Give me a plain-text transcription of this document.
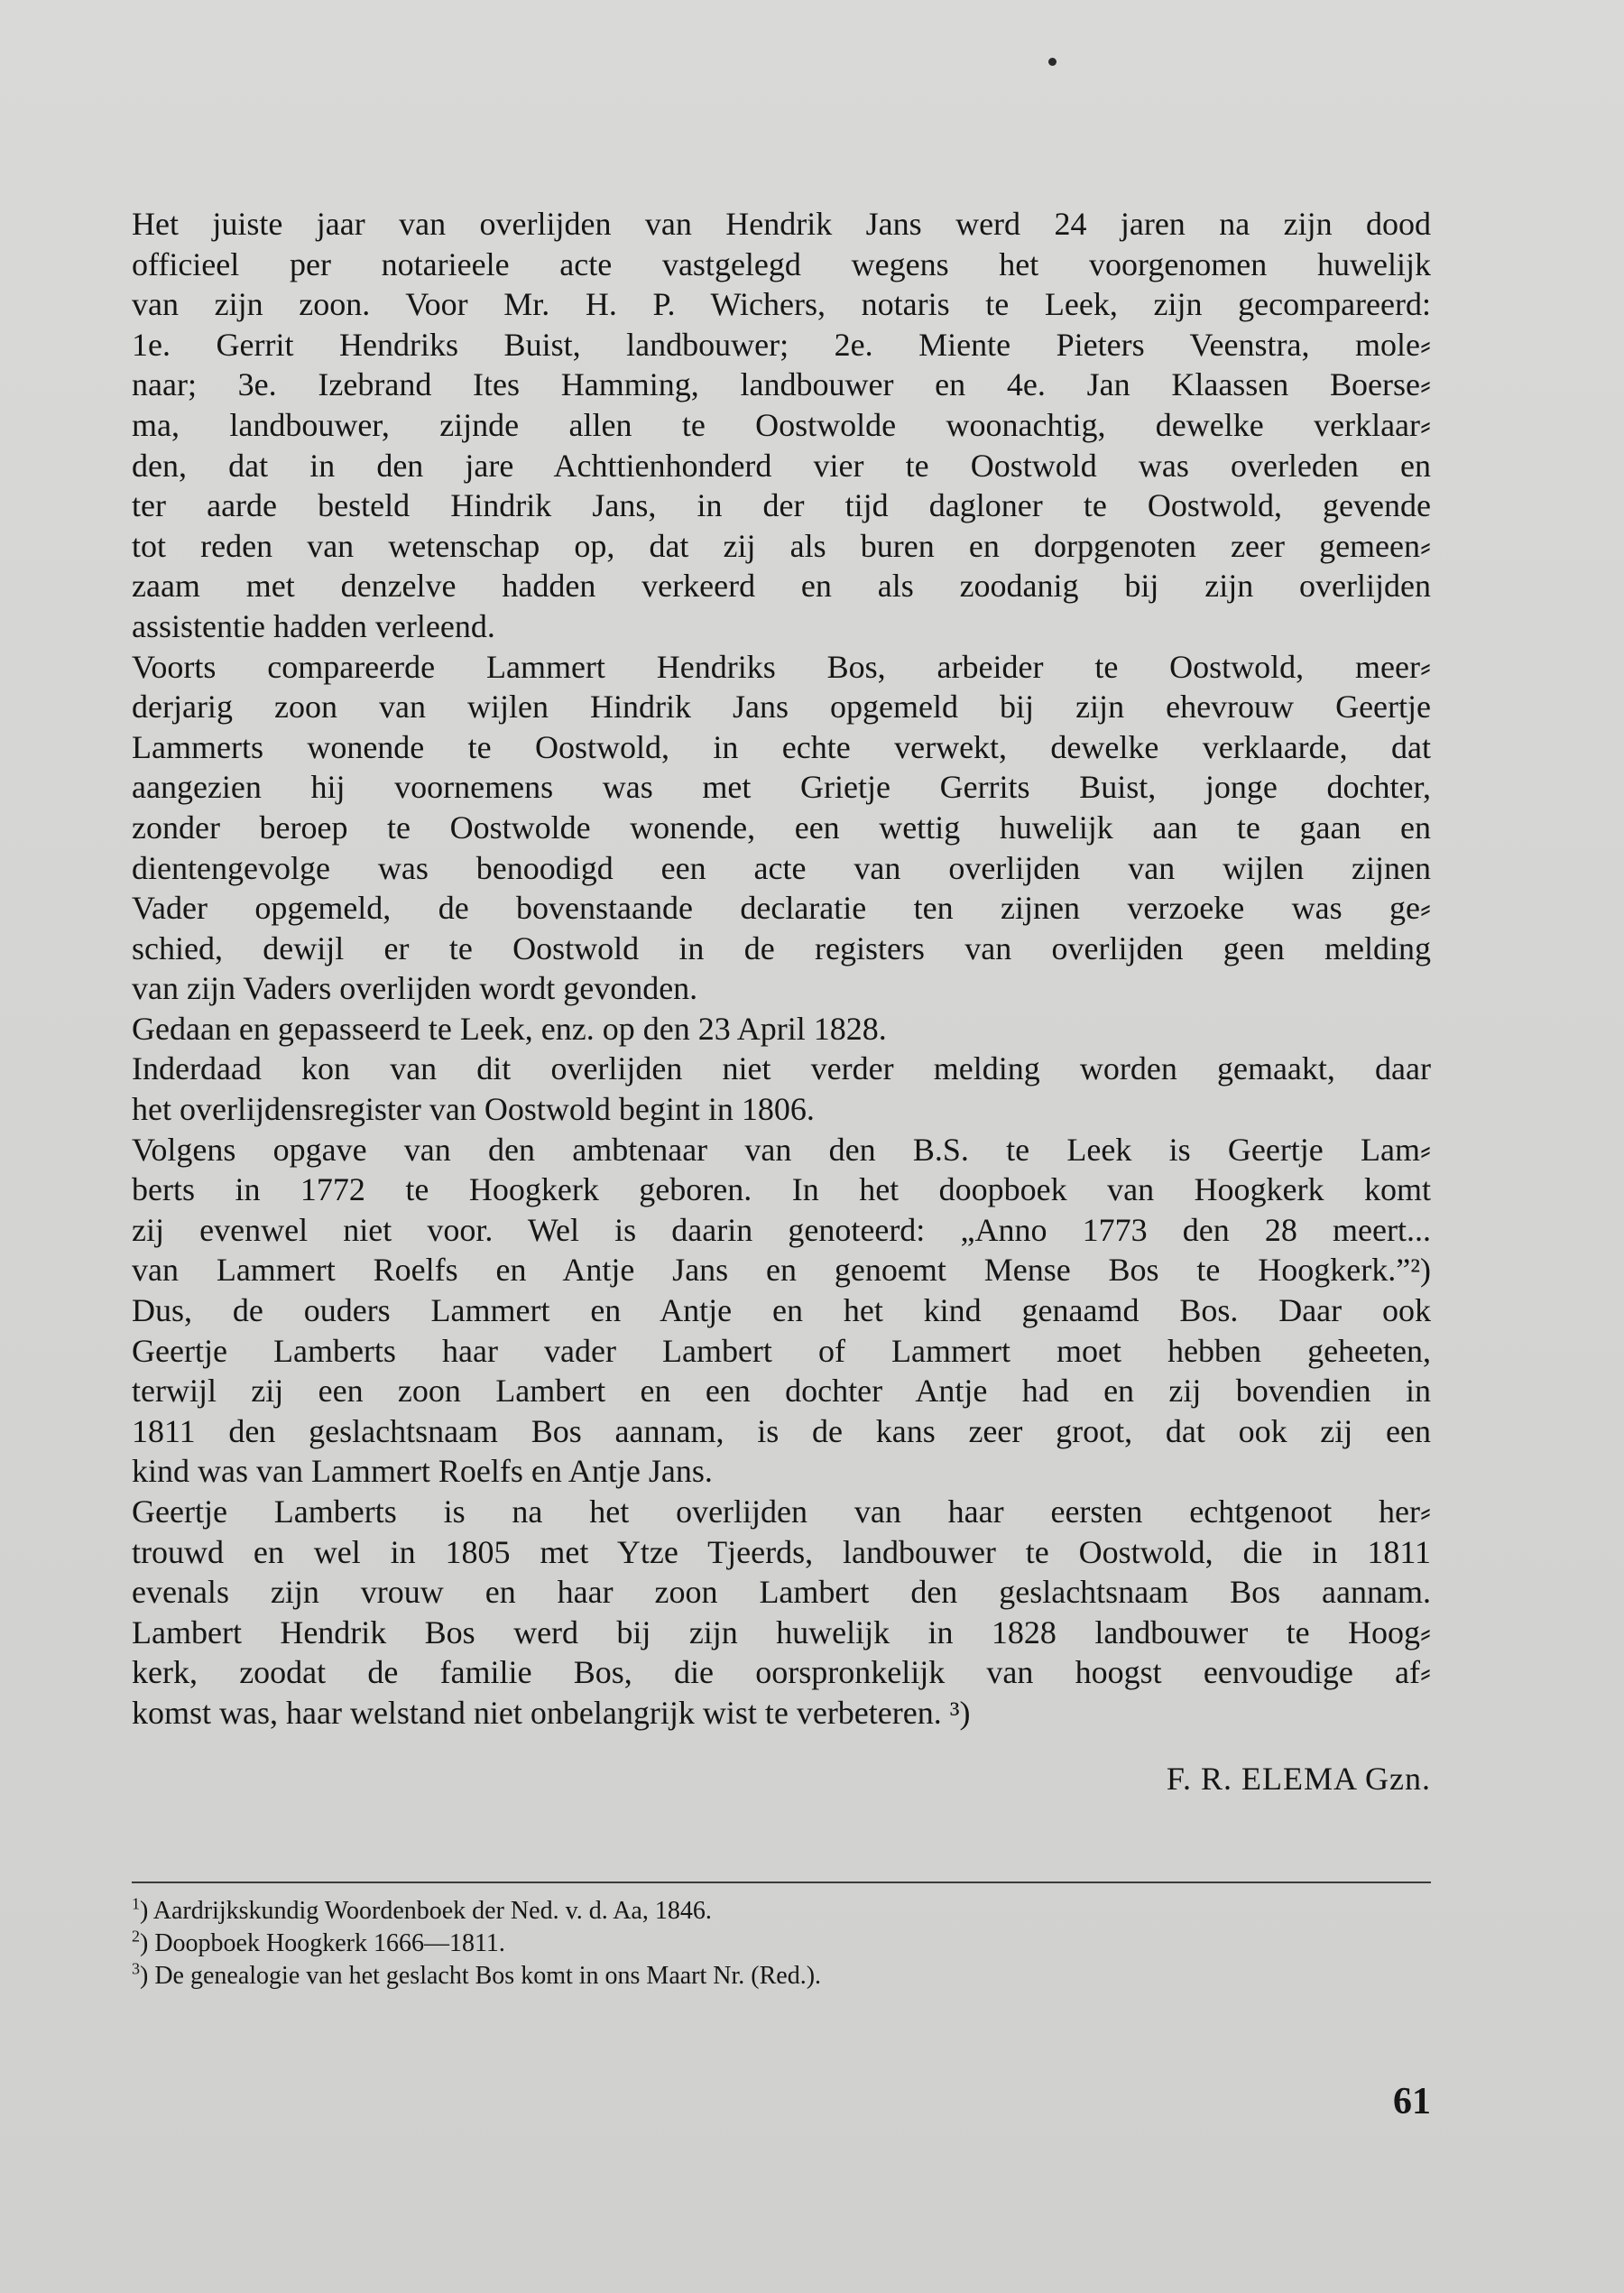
Het juiste jaar van overlijden van Hendrik Jans werd 24 jaren na zijn dood
officieel per notarieele acte vastgelegd wegens het voorgenomen huwelijk
van zijn zoon. Voor Mr. H. P. Wichers, notaris te Leek, zijn gecompareerd:
1e. Gerrit Hendriks Buist, landbouwer; 2e. Miente Pieters Veenstra, mole⸗
naar; 3e. Izebrand Ites Hamming, landbouwer en 4e. Jan Klaassen Boerse⸗
ma, landbouwer, zijnde allen te Oostwolde woonachtig, dewelke verklaar⸗
den, dat in den jare Achttienhonderd vier te Oostwold was overleden en
ter aarde besteld Hindrik Jans, in der tijd dagloner te Oostwold, gevende
tot reden van wetenschap op, dat zij als buren en dorpgenoten zeer gemeen⸗
zaam met denzelve hadden verkeerd en als zoodanig bij zijn overlijden
assistentie hadden verleend.
Voorts compareerde Lammert Hendriks Bos, arbeider te Oostwold, meer⸗
derjarig zoon van wijlen Hindrik Jans opgemeld bij zijn ehevrouw Geertje
Lammerts wonende te Oostwold, in echte verwekt, dewelke verklaarde, dat
aangezien hij voornemens was met Grietje Gerrits Buist, jonge dochter,
zonder beroep te Oostwolde wonende, een wettig huwelijk aan te gaan en
dientengevolge was benoodigd een acte van overlijden van wijlen zijnen
Vader opgemeld, de bovenstaande declaratie ten zijnen verzoeke was ge⸗
schied, dewijl er te Oostwold in de registers van overlijden geen melding
van zijn Vaders overlijden wordt gevonden.
Gedaan en gepasseerd te Leek, enz. op den 23 April 1828.
Inderdaad kon van dit overlijden niet verder melding worden gemaakt, daar
het overlijdensregister van Oostwold begint in 1806.
Volgens opgave van den ambtenaar van den B.S. te Leek is Geertje Lam⸗
berts in 1772 te Hoogkerk geboren. In het doopboek van Hoogkerk komt
zij evenwel niet voor. Wel is daarin genoteerd: „Anno 1773 den 28 meert...
van Lammert Roelfs en Antje Jans en genoemt Mense Bos te Hoogkerk.”²)
Dus, de ouders Lammert en Antje en het kind genaamd Bos. Daar ook
Geertje Lamberts haar vader Lambert of Lammert moet hebben geheeten,
terwijl zij een zoon Lambert en een dochter Antje had en zij bovendien in
1811 den geslachtsnaam Bos aannam, is de kans zeer groot, dat ook zij een
kind was van Lammert Roelfs en Antje Jans.
Geertje Lamberts is na het overlijden van haar eersten echtgenoot her⸗
trouwd en wel in 1805 met Ytze Tjeerds, landbouwer te Oostwold, die in 1811
evenals zijn vrouw en haar zoon Lambert den geslachtsnaam Bos aannam.
Lambert Hendrik Bos werd bij zijn huwelijk in 1828 landbouwer te Hoog⸗
kerk, zoodat de familie Bos, die oorspronkelijk van hoogst eenvoudige af⸗
komst was, haar welstand niet onbelangrijk wist te verbeteren. ³)
F. R. ELEMA Gzn.
$^1$) Aardrijkskundig Woordenboek der Ned. v. d. Aa, 1846.
$^2$) Doopboek Hoogkerk 1666—1811.
$^3$) De genealogie van het geslacht Bos komt in ons Maart Nr. (Red.).
61
